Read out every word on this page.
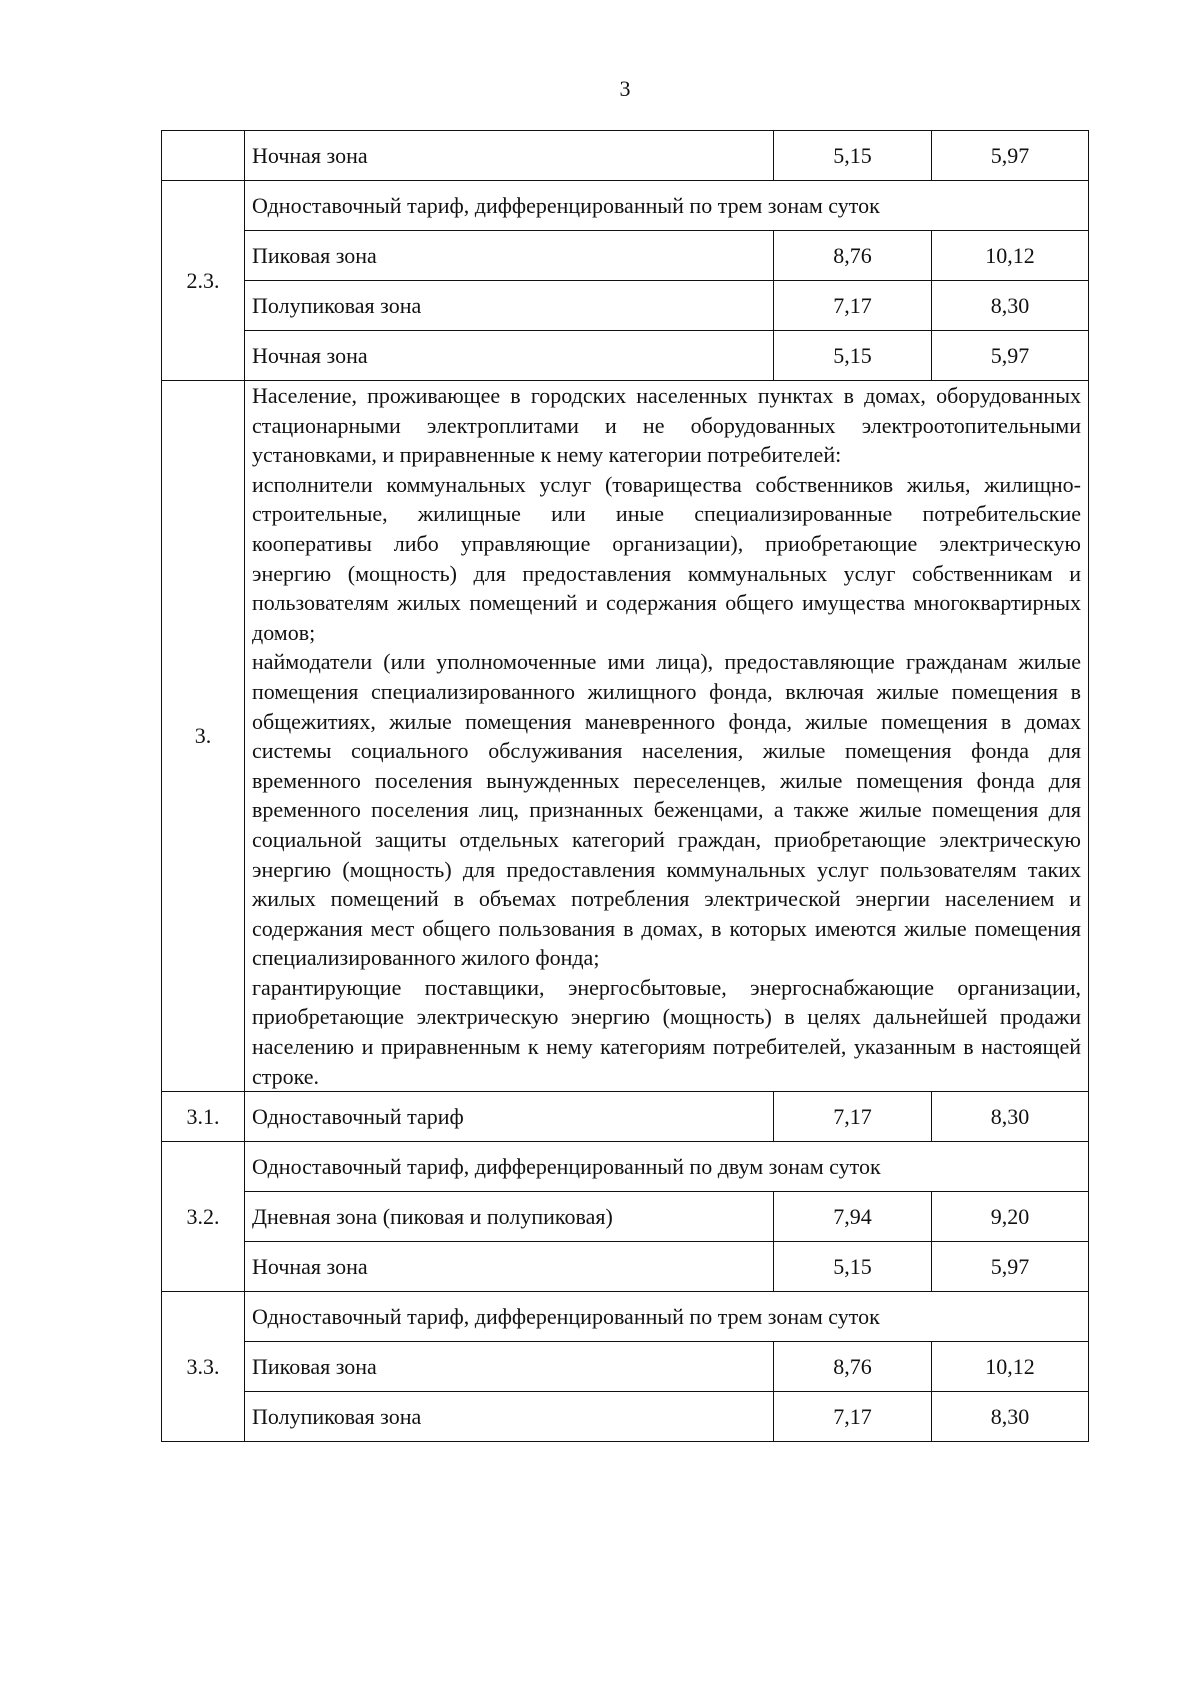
3
	Ночная зона	5,15	5,97
2.3.	Одноставочный тариф, дифференцированный по трем зонам суток		
	Пиковая зона	8,76	10,12
	Полупиковая зона	7,17	8,30
	Ночная зона	5,15	5,97
3.	Население, проживающее в городских населенных пунктах в домах, оборудованных стационарными электроплитами и не оборудованных электроотопительными установками, и приравненные к нему категории потребителей:

исполнители коммунальных услуг (товарищества собственников жилья, жилищно-строительные, жилищные или иные специализированные потребительские кооперативы либо управляющие организации), приобретающие электрическую энергию (мощность) для предоставления коммунальных услуг собственникам и пользователям жилых помещений и содержания общего имущества многоквартирных домов;

наймодатели (или уполномоченные ими лица), предоставляющие гражданам жилые помещения специализированного жилищного фонда, включая жилые помещения в общежитиях, жилые помещения маневренного фонда, жилые помещения в домах системы социального обслуживания населения, жилые помещения фонда для временного поселения вынужденных переселенцев, жилые помещения фонда для временного поселения лиц, признанных беженцами, а также жилые помещения для социальной защиты отдельных категорий граждан, приобретающие электрическую энергию (мощность) для предоставления коммунальных услуг пользователям таких жилых помещений в объемах потребления электрической энергии населением и содержания мест общего пользования в домах, в которых имеются жилые помещения специализированного жилого фонда;

гарантирующие поставщики, энергосбытовые, энергоснабжающие организации, приобретающие электрическую энергию (мощность) в целях дальнейшей продажи населению и приравненным к нему категориям потребителей, указанным в настоящей строке.		

3.1.	Одноставочный тариф	7,17	8,30
3.2.	Одноставочный тариф, дифференцированный по двум зонам суток		
	Дневная зона (пиковая и полупиковая)	7,94	9,20
	Ночная зона	5,15	5,97
3.3.	Одноставочный тариф, дифференцированный по трем зонам суток		
	Пиковая зона	8,76	10,12
	Полупиковая зона	7,17	8,30
